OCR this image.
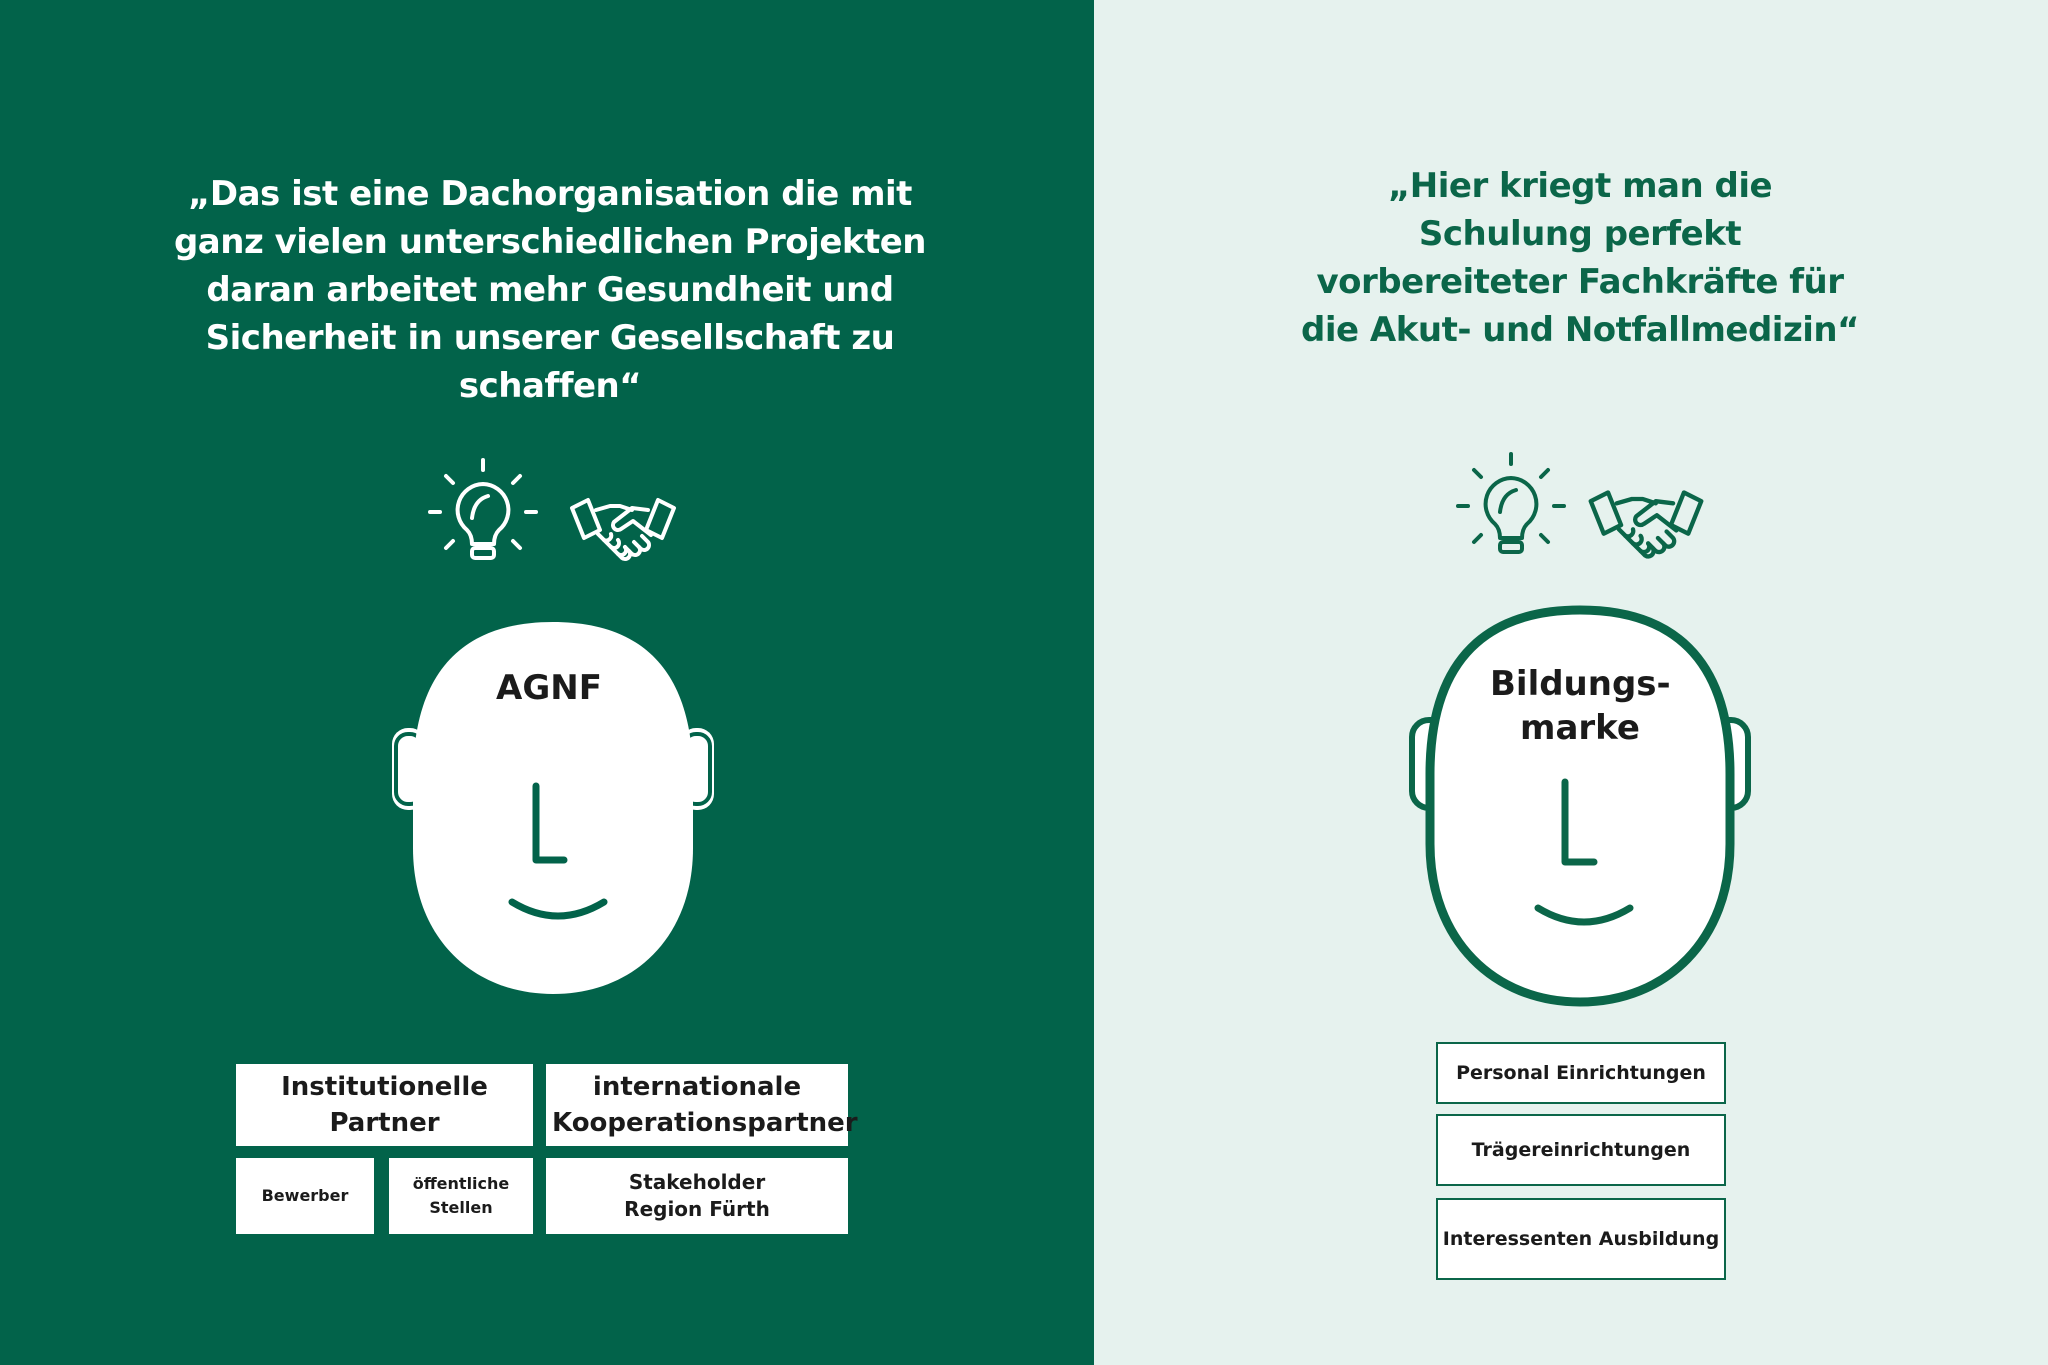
„Das ist eine Dachorganisation die mit ganz vielen unterschiedlichen Projekten daran arbeitet mehr Gesundheit und Sicherheit in unserer Gesellschaft zu schaffen“

AGNF

Institutionelle Partner
internationale Kooperationspartner
Bewerber
öffentliche Stellen
Stakeholder Region Fürth

„Hier kriegt man die Schulung perfekt vorbereiteter Fachkräfte für die Akut- und Notfallmedizin“

Bildungs- marke

Personal Einrichtungen
Trägereinrichtungen
Interessenten Ausbildung
